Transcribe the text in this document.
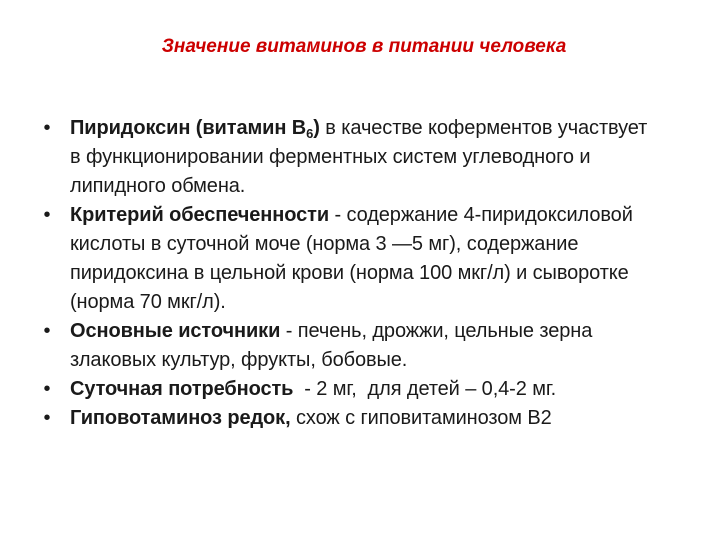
Значение витаминов в питании человека
• Пиридоксин (витамин $В_6$) в качестве коферментов участвует в функционировании ферментных систем углеводного и липидного обмена.
• Критерий обеспеченности - содержание 4-пиридоксиловой кислоты в суточной моче (норма 3 —5 мг), содержание пиридоксина в цельной крови (норма 100 мкг/л) и сыворотке (норма 70 мкг/л).
• Основные источники - печень, дрожжи, цельные зерна злаковых культур, фрукты, бобовые.
• Суточная потребность  - 2 мг,  для детей – 0,4-2 мг.
• Гиповотаминоз редок, схож с гиповитаминозом В2
